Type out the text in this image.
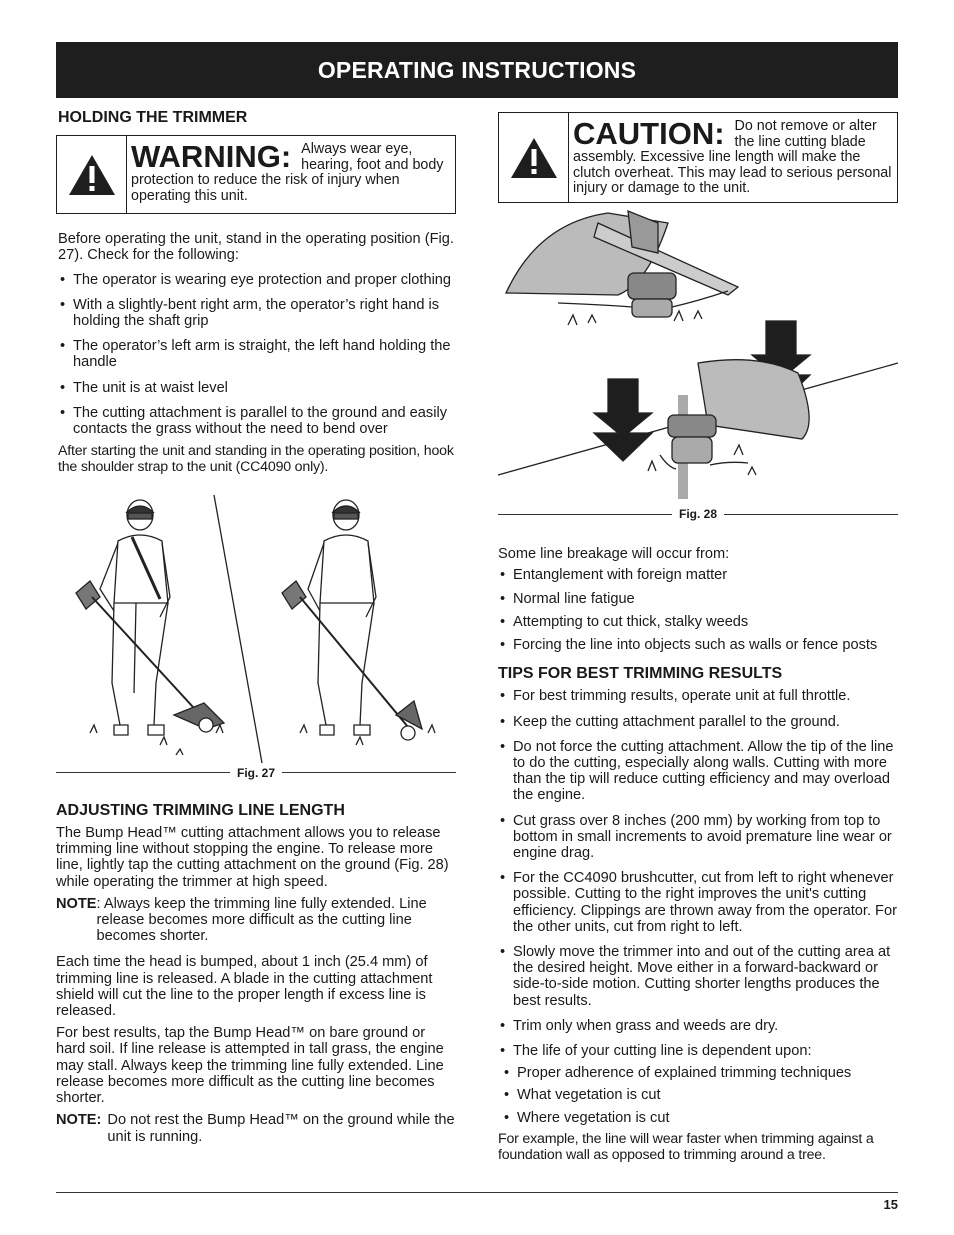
OPERATING INSTRUCTIONS
HOLDING THE TRIMMER
WARNING: Always wear eye, hearing, foot and body protection to reduce the risk of injury when operating this unit.

Before operating the unit, stand in the operating position (Fig. 27). Check for the following:

• The operator is wearing eye protection and proper clothing
• With a slightly-bent right arm, the operator’s right hand is holding the shaft grip
• The operator’s left arm is straight, the left hand holding the handle
• The unit is at waist level
• The cutting attachment is parallel to the ground and easily contacts the grass without the need to bend over

After starting the unit and standing in the operating position, hook the shoulder strap to the unit (CC4090 only).

Fig. 27
ADJUSTING TRIMMING LINE LENGTH

The Bump Head™ cutting attachment allows you to release trimming line without stopping the engine. To release more line, lightly tap the cutting attachment on the ground (Fig. 28) while operating the trimmer at high speed.

NOTE : Always keep the trimming line fully extended. Line release becomes more difficult as the cutting line becomes shorter.

Each time the head is bumped, about 1 inch (25.4 mm) of trimming line is released. A blade in the cutting attachment shield will cut the line to the proper length if excess line is released.

For best results, tap the Bump Head™ on bare ground or hard soil. If line release is attempted in tall grass, the engine may stall. Always keep the trimming line fully extended. Line release becomes more difficult as the cutting line becomes shorter.

NOTE: Do not rest the Bump Head™ on the ground while the unit is running.
CAUTION: Do not remove or alter the line cutting blade assembly. Excessive line length will make the clutch overheat. This may lead to serious personal injury or damage to the unit.
Fig. 28

Some line breakage will occur from:

• Entanglement with foreign matter
• Normal line fatigue
• Attempting to cut thick, stalky weeds
• Forcing the line into objects such as walls or fence posts
TIPS FOR BEST TRIMMING RESULTS
• For best trimming results, operate unit at full throttle.
• Keep the cutting attachment parallel to the ground.
• Do not force the cutting attachment. Allow the tip of the line to do the cutting, especially along walls. Cutting with more than the tip will reduce cutting efficiency and may overload the engine.
• Cut grass over 8 inches (200 mm) by working from top to bottom in small increments to avoid premature line wear or engine drag.
• For the CC4090 brushcutter, cut from left to right whenever possible. Cutting to the right improves the unit's cutting efficiency. Clippings are thrown away from the operator. For the other units, cut from right to left.
• Slowly move the trimmer into and out of the cutting area at the desired height. Move either in a forward-backward or side-to-side motion. Cutting shorter lengths produces the best results.
• Trim only when grass and weeds are dry.
• The life of your cutting line is dependent upon:
• Proper adherence of explained trimming techniques
• What vegetation is cut
• Where vegetation is cut

For example, the line will wear faster when trimming against a foundation wall as opposed to trimming around a tree.

15
